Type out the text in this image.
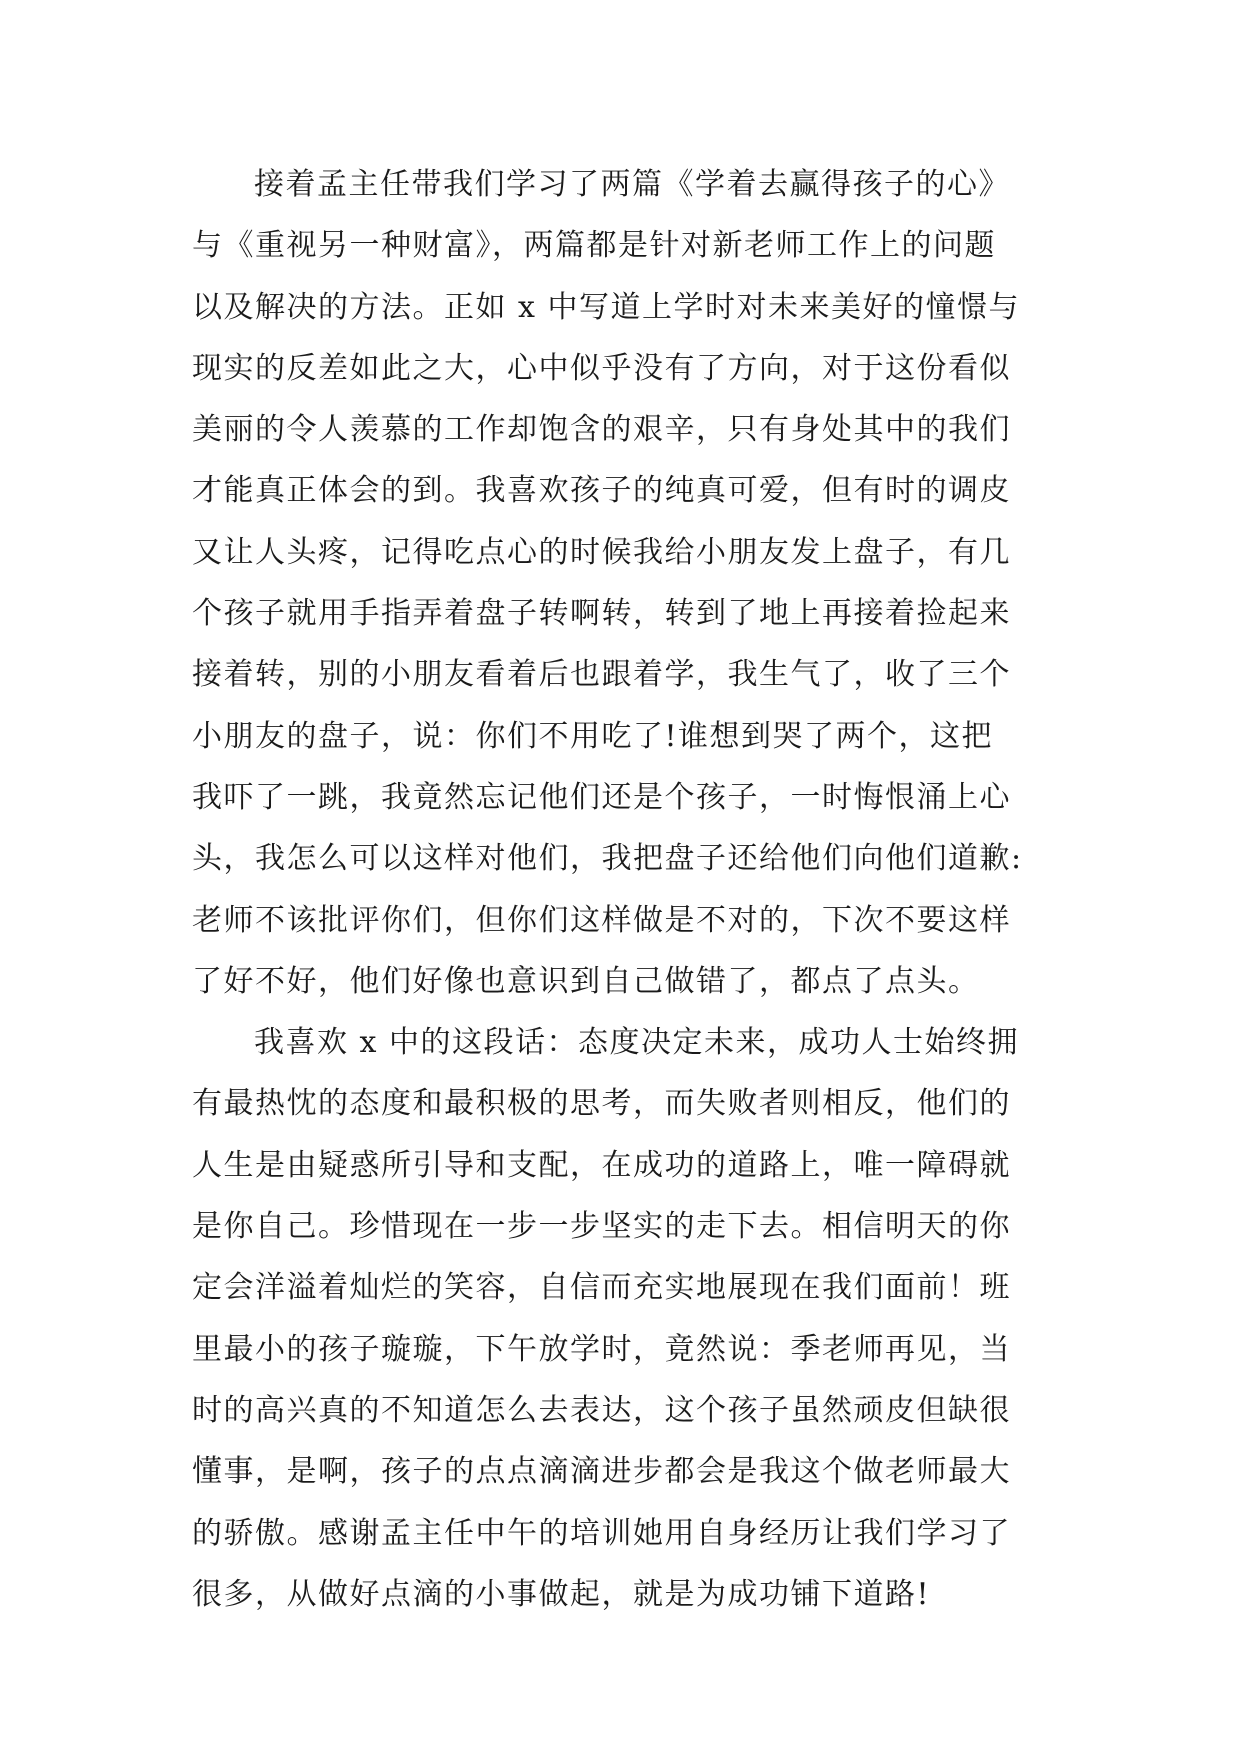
接着孟主任带我们学习了两篇《学着去赢得孩子的心》
与《重视另一种财富》，两篇都是针对新老师工作上的问题
以及解决的方法。正如 x 中写道上学时对未来美好的憧憬与
现实的反差如此之大，心中似乎没有了方向，对于这份看似
美丽的令人羡慕的工作却饱含的艰辛，只有身处其中的我们
才能真正体会的到。我喜欢孩子的纯真可爱，但有时的调皮
又让人头疼，记得吃点心的时候我给小朋友发上盘子，有几
个孩子就用手指弄着盘子转啊转，转到了地上再接着捡起来
接着转，别的小朋友看着后也跟着学，我生气了，收了三个
小朋友的盘子，说：你们不用吃了!谁想到哭了两个，这把
我吓了一跳，我竟然忘记他们还是个孩子，一时悔恨涌上心
头，我怎么可以这样对他们，我把盘子还给他们向他们道歉:
老师不该批评你们，但你们这样做是不对的，下次不要这样
了好不好，他们好像也意识到自己做错了，都点了点头。
我喜欢 x 中的这段话：态度决定未来，成功人士始终拥
有最热忱的态度和最积极的思考，而失败者则相反，他们的
人生是由疑惑所引导和支配，在成功的道路上，唯一障碍就
是你自己。珍惜现在一步一步坚实的走下去。相信明天的你
定会洋溢着灿烂的笑容，自信而充实地展现在我们面前！班
里最小的孩子璇璇，下午放学时，竟然说：季老师再见，当
时的高兴真的不知道怎么去表达，这个孩子虽然顽皮但缺很
懂事，是啊，孩子的点点滴滴进步都会是我这个做老师最大
的骄傲。感谢孟主任中午的培训她用自身经历让我们学习了
很多，从做好点滴的小事做起，就是为成功铺下道路!
